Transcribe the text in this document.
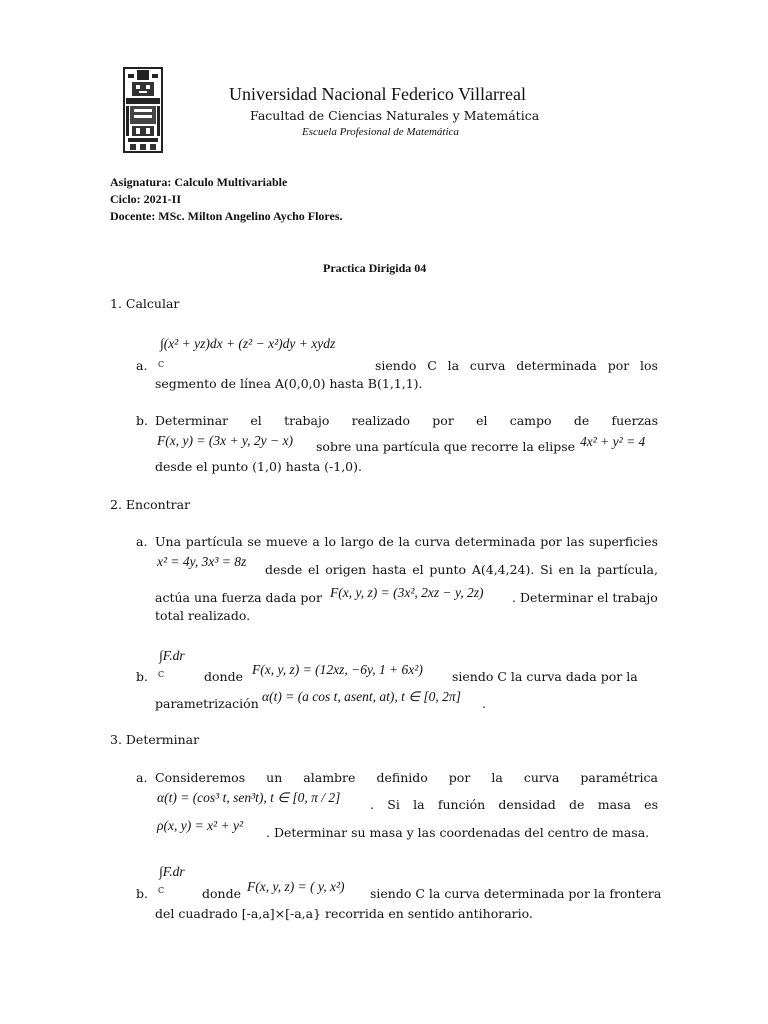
Universidad Nacional Federico Villarreal
Facultad de Ciencias Naturales y Matemática
Escuela Profesional de Matemática
Asignatura: Calculo Multivariable
Ciclo: 2021-II
Docente: MSc. Milton Angelino Aycho Flores.
Practica Dirigida 04
1. Calcular
∫(x² + yz)dx + (z² − x²)dy + xydz
C
a.	siendo C la curva determinada por los
segmento de línea A(0,0,0) hasta B(1,1,1).
b. Determinar el trabajo realizado por el campo de fuerzas
F(x, y) = (3x + y, 2y − x) sobre una partícula que recorre la elipse 4x² + y² = 4
desde el punto (1,0) hasta (-1,0).
2. Encontrar
a. Una partícula se mueve a lo largo de la curva determinada por las superficies
x² = 4y, 3x³ = 8z
desde el origen hasta el punto A(4,4,24). Si en la partícula,
actúa una fuerza dada por F(x, y, z) = (3x², 2xz − y, 2z) . Determinar el trabajo
total realizado.
∫F.dr
C
b.	donde F(x, y, z) = (12xz, −6y, 1 + 6x²) siendo C la curva dada por la
parametrización α(t) = (a cos t, asent, at), t ∈ [0, 2π] .
3. Determinar
a. Consideremos un alambre definido por la curva paramétrica
α(t) = (cos³ t, sen³t), t ∈ [0, π / 2] . Si la función densidad de masa es
ρ(x, y) = x² + y² . Determinar su masa y las coordenadas del centro de masa.
∫F.dr
C
b.	donde F(x, y, z) = ( y, x²) siendo C la curva determinada por la frontera
del cuadrado [-a,a]×[-a,a} recorrida en sentido antihorario.
